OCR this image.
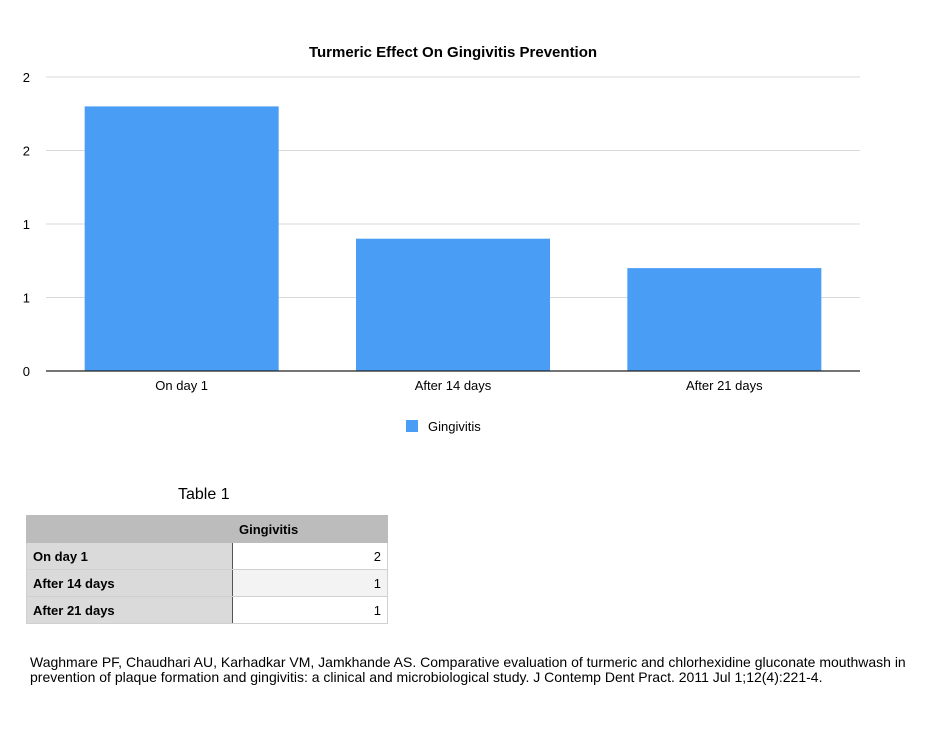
Turmeric Effect On Gingivitis Prevention
0
1
1
2
2
On day 1	After 14 days	After 21 days
Gingivitis
Table 1
	Gingivitis
On day 1	2
After 14 days	1
After 21 days	1
Waghmare PF, Chaudhari AU, Karhadkar VM, Jamkhande AS. Comparative evaluation of turmeric and chlorhexidine gluconate mouthwash in prevention of plaque formation and gingivitis: a clinical and microbiological study. J Contemp Dent Pract. 2011 Jul 1;12(4):221-4.
